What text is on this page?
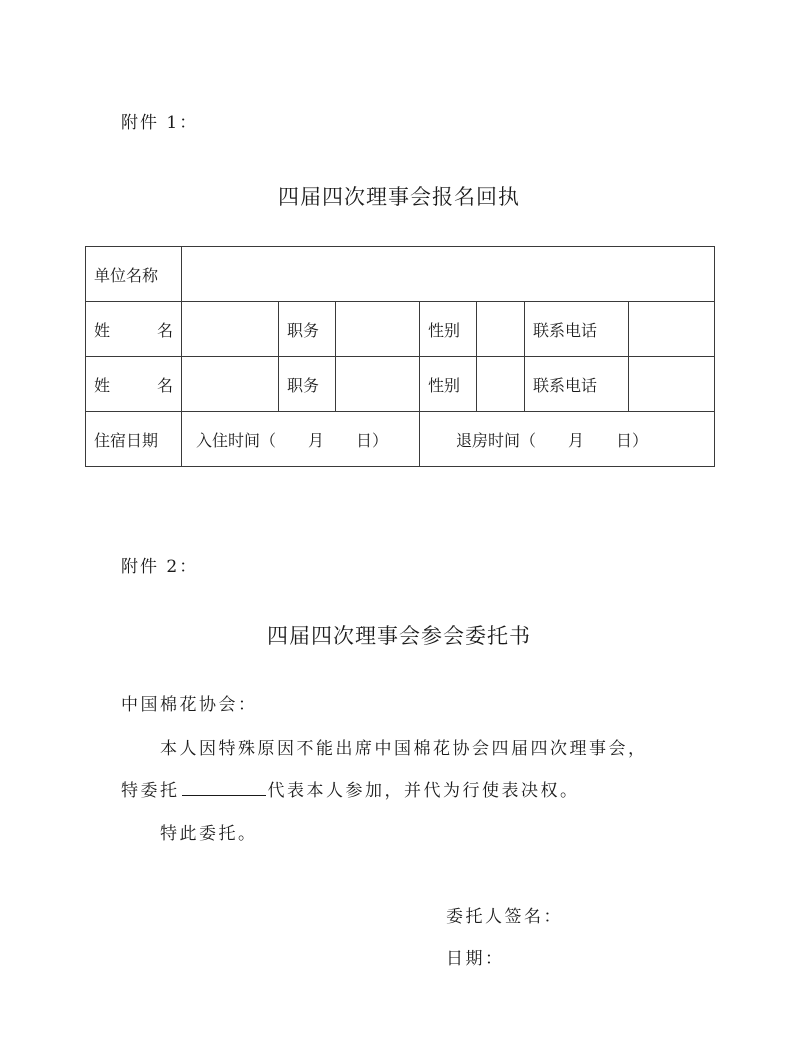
附件 1：
四届四次理事会报名回执
单位名称							

姓 名		职务		性别		联系电话	

姓 名		职务		性别		联系电话	
住宿日期	入住时间（　　月　　日）			退房时间（　　月　　日）			
附件 2：
四届四次理事会参会委托书
中国棉花协会：
本人因特殊原因不能出席中国棉花协会四届四次理事会，
特委托	代表本人参加，并代为行使表决权。
特此委托。
委托人签名：
日期：
